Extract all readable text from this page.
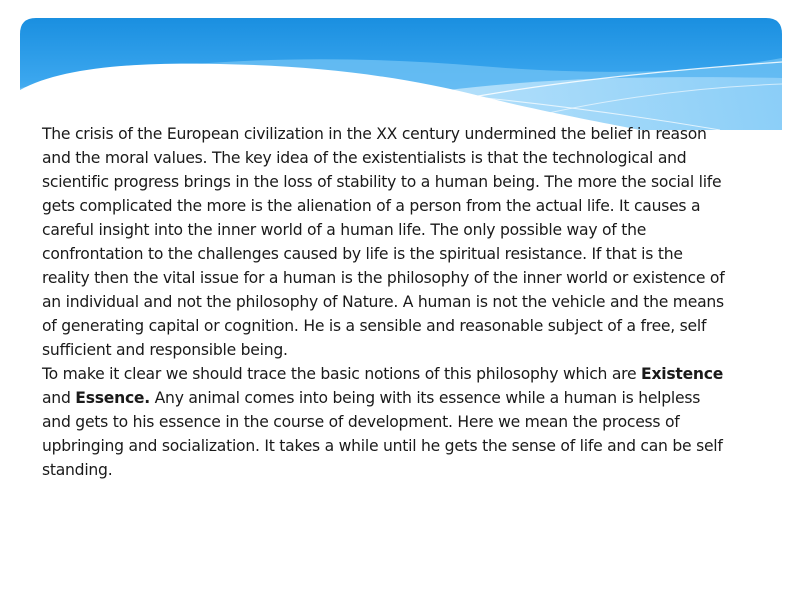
The crisis of the European civilization in the XX century undermined the belief in reason and the moral values. The key idea of the existentialists is that the technological and scientific progress brings in the loss of stability to a human being. The more the social life gets complicated the more is the alienation of a person from the actual life. It causes a careful insight into the inner world of a human life. The only possible way of the confrontation to the challenges caused by life is the spiritual resistance. If that is the reality then the vital issue for a human is the philosophy of the inner world or existence of an individual and not the philosophy of Nature. A human is not the vehicle and the means of generating capital or cognition. He is a sensible and reasonable subject of a free, self sufficient and responsible being.

To make it clear we should trace the basic notions of this philosophy which are Existence and Essence. Any animal comes into being with its essence while a human is helpless and gets to his essence in the course of development. Here we mean the process of upbringing and socialization. It takes a while until he gets the sense of life and can be self standing.
